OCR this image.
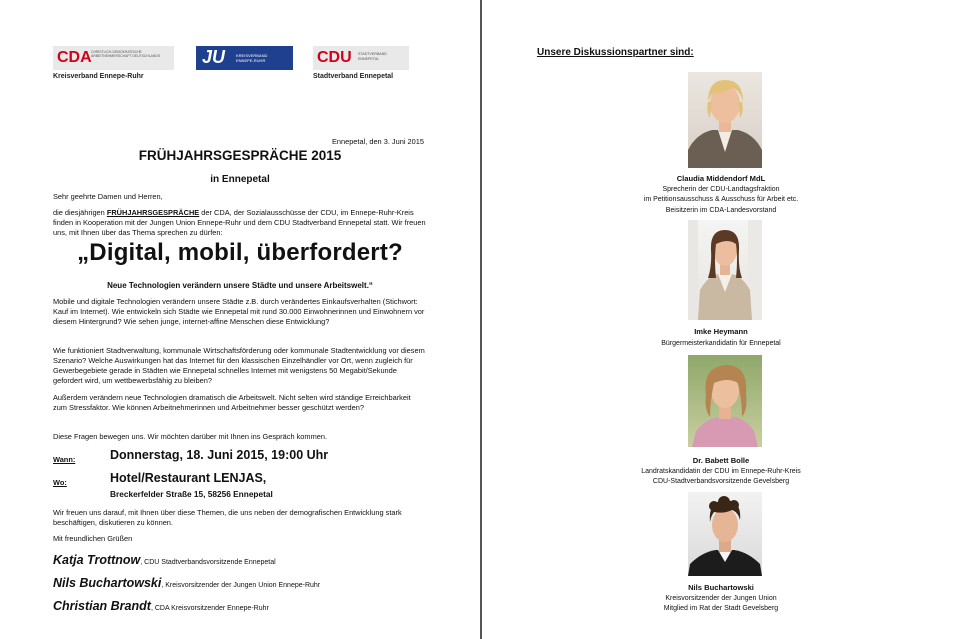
CDA CHRISTLICH-DEMOKRATISCHE ARBEITNEHMERSCHAFT DEUTSCHLANDS	JU	KREISVERBAND ENNEPE-RUHR	CDU STADTVERBAND ENNEPETAL
Kreisverband Ennepe-Ruhr	Stadtverband Ennepetal
Ennepetal, den 3. Juni 2015
FRÜHJAHRSGESPRÄCHE 2015
in Ennepetal
Sehr geehrte Damen und Herren,
die diesjährigen FRÜHJAHRSGESPRÄCHE der CDA, der Sozialausschüsse der CDU, im Ennepe-Ruhr-Kreis finden in Kooperation mit der Jungen Union Ennepe-Ruhr und dem CDU Stadtverband Ennepetal statt. Wir freuen uns, mit Ihnen über das Thema sprechen zu dürfen:
„Digital, mobil, überfordert?
Neue Technologien verändern unsere Städte und unsere Arbeitswelt.“
Mobile und digitale Technologien verändern unsere Städte z.B. durch verändertes Einkaufsverhalten (Stichwort: Kauf im Internet). Wie entwickeln sich Städte wie Ennepetal mit rund 30.000 Einwohnerinnen und Einwohnern vor diesem Hintergrund? Wie sehen junge, internet-affine Menschen diese Entwicklung?
Wie funktioniert Stadtverwaltung, kommunale Wirtschaftsförderung oder kommunale Stadtentwicklung vor diesem Szenario? Welche Auswirkungen hat das Internet für den klassischen Einzelhändler vor Ort, wenn zugleich für Gewerbegebiete gerade in Städten wie Ennepetal schnelles Internet mit wenigstens 50 Megabit/Sekunde gefordert wird, um wettbewerbsfähig zu bleiben?
Außerdem verändern neue Technologien dramatisch die Arbeitswelt. Nicht selten wird ständige Erreichbarkeit zum Stressfaktor. Wie können Arbeitnehmerinnen und Arbeitnehmer besser geschützt werden?
Diese Fragen bewegen uns. Wir möchten darüber mit Ihnen ins Gespräch kommen.
Wann:	Donnerstag, 18. Juni 2015, 19:00 Uhr
Wo:	Hotel/Restaurant LENJAS,
Breckerfelder Straße 15, 58256 Ennepetal
Wir freuen uns darauf, mit Ihnen über diese Themen, die uns neben der demografischen Entwicklung stark beschäftigen, diskutieren zu können.
Mit freundlichen Grüßen
Katja Trottnow, CDU Stadtverbandsvorsitzende Ennepetal
Nils Buchartowski, Kreisvorsitzender der Jungen Union Ennepe-Ruhr
Christian Brandt, CDA Kreisvorsitzender Ennepe-Ruhr
Unsere Diskussionspartner sind:
Claudia Middendorf MdL
Sprecherin der CDU-Landtagsfraktion
im Petitionsausschuss & Ausschuss für Arbeit etc.
Beisitzerin im CDA-Landesvorstand
Imke Heymann
Bürgermeisterkandidatin für Ennepetal
Dr. Babett Bolle
Landratskandidatin der CDU im Ennepe-Ruhr-Kreis
CDU-Stadtverbandsvorsitzende Gevelsberg
Nils Buchartowski
Kreisvorsitzender der Jungen Union
Mitglied im Rat der Stadt Gevelsberg
